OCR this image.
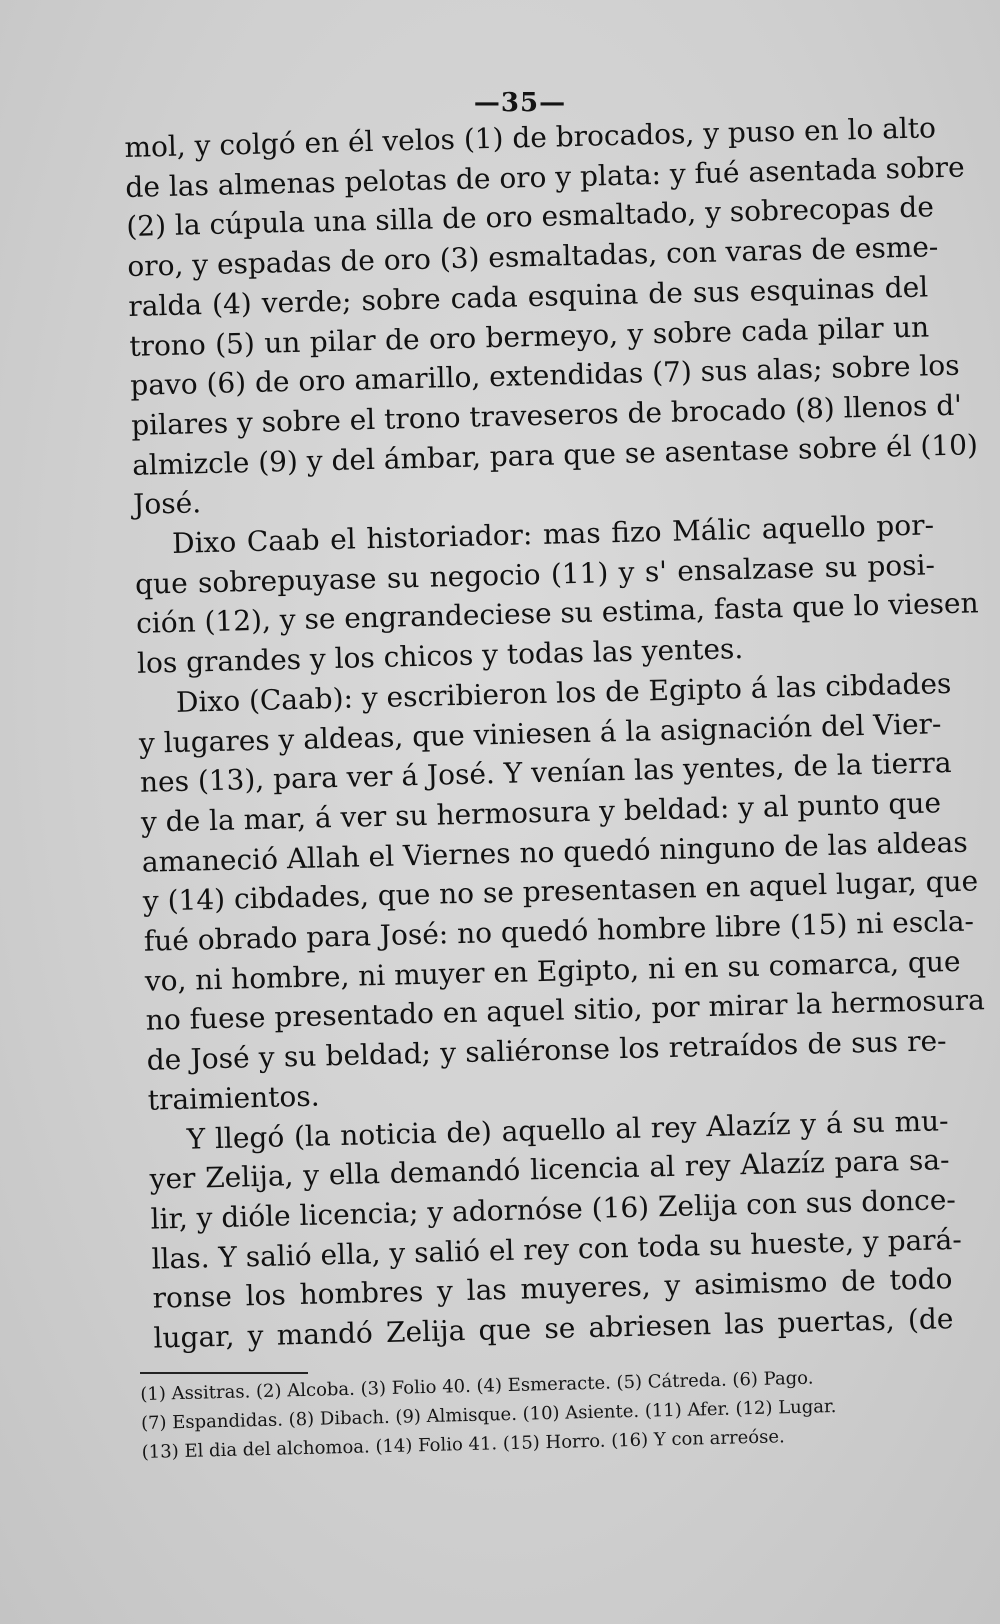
—35—
mol, y colgó en él velos (1) de brocados, y puso en lo alto
de las almenas pelotas de oro y plata: y fué asentada sobre
(2) la cúpula una silla de oro esmaltado, y sobrecopas de
oro, y espadas de oro (3) esmaltadas, con varas de esme-
ralda (4) verde; sobre cada esquina de sus esquinas del
trono (5) un pilar de oro bermeyo, y sobre cada pilar un
pavo (6) de oro amarillo, extendidas (7) sus alas; sobre los
pilares y sobre el trono traveseros de brocado (8) llenos d'
almizcle (9) y del ámbar, para que se asentase sobre él (10)
José.
Dixo Caab el historiador: mas fizo Málic aquello por-
que sobrepuyase su negocio (11) y s' ensalzase su posi-
ción (12), y se engrandeciese su estima, fasta que lo viesen
los grandes y los chicos y todas las yentes.
Dixo (Caab): y escribieron los de Egipto á las cibdades
y lugares y aldeas, que viniesen á la asignación del Vier-
nes (13), para ver á José. Y venían las yentes, de la tierra
y de la mar, á ver su hermosura y beldad: y al punto que
amaneció Allah el Viernes no quedó ninguno de las aldeas
y (14) cibdades, que no se presentasen en aquel lugar, que
fué obrado para José: no quedó hombre libre (15) ni escla-
vo, ni hombre, ni muyer en Egipto, ni en su comarca, que
no fuese presentado en aquel sitio, por mirar la hermosura
de José y su beldad; y saliéronse los retraídos de sus re-
traimientos.
Y llegó (la noticia de) aquello al rey Alazíz y á su mu-
yer Zelija, y ella demandó licencia al rey Alazíz para sa-
lir, y dióle licencia; y adornóse (16) Zelija con sus donce-
llas. Y salió ella, y salió el rey con toda su hueste, y pará-
ronse los hombres y las muyeres, y asimismo de todo
lugar, y mandó Zelija que se abriesen las puertas, (de
(1) Assitras. (2) Alcoba. (3) Folio 40. (4) Esmeracte. (5) Cátreda. (6) Pago.
(7) Espandidas. (8) Dibach. (9) Almisque. (10) Asiente. (11) Afer. (12) Lugar.
(13) El dia del alchomoa. (14) Folio 41. (15) Horro. (16) Y con arreóse.
